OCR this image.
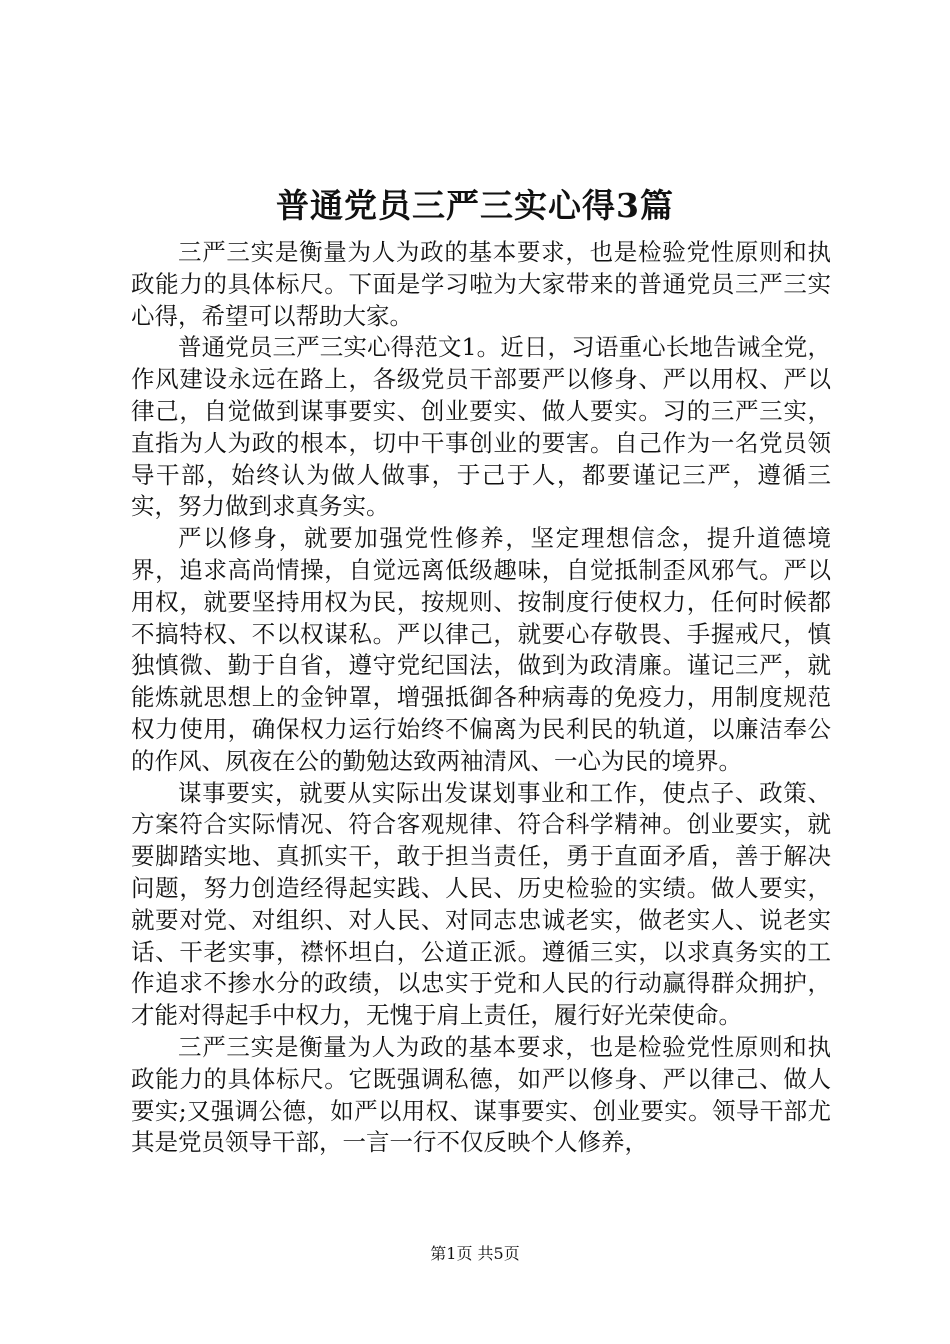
普通党员三严三实心得3篇

三严三实是衡量为人为政的基本要求，也是检验党性原则和执政能力的具体标尺。下面是学习啦为大家带来的普通党员三严三实心得，希望可以帮助大家。

普通党员三严三实心得范文1。近日，习语重心长地告诫全党，作风建设永远在路上，各级党员干部要严以修身、严以用权、严以律己，自觉做到谋事要实、创业要实、做人要实。习的三严三实，直指为人为政的根本，切中干事创业的要害。自己作为一名党员领导干部，始终认为做人做事，于己于人，都要谨记三严，遵循三实，努力做到求真务实。

严以修身，就要加强党性修养，坚定理想信念，提升道德境界，追求高尚情操，自觉远离低级趣味，自觉抵制歪风邪气。严以用权，就要坚持用权为民，按规则、按制度行使权力，任何时候都不搞特权、不以权谋私。严以律己，就要心存敬畏、手握戒尺，慎独慎微、勤于自省，遵守党纪国法，做到为政清廉。谨记三严，就能炼就思想上的金钟罩，增强抵御各种病毒的免疫力，用制度规范权力使用，确保权力运行始终不偏离为民利民的轨道，以廉洁奉公的作风、夙夜在公的勤勉达致两袖清风、一心为民的境界。

谋事要实，就要从实际出发谋划事业和工作，使点子、政策、方案符合实际情况、符合客观规律、符合科学精神。创业要实，就要脚踏实地、真抓实干，敢于担当责任，勇于直面矛盾，善于解决问题，努力创造经得起实践、人民、历史检验的实绩。做人要实，就要对党、对组织、对人民、对同志忠诚老实，做老实人、说老实话、干老实事，襟怀坦白，公道正派。遵循三实，以求真务实的工作追求不掺水分的政绩，以忠实于党和人民的行动赢得群众拥护，才能对得起手中权力，无愧于肩上责任，履行好光荣使命。

三严三实是衡量为人为政的基本要求，也是检验党性原则和执政能力的具体标尺。它既强调私德，如严以修身、严以律己、做人要实;又强调公德，如严以用权、谋事要实、创业要实。领导干部尤其是党员领导干部，一言一行不仅反映个人修养，

第1页 共5页
